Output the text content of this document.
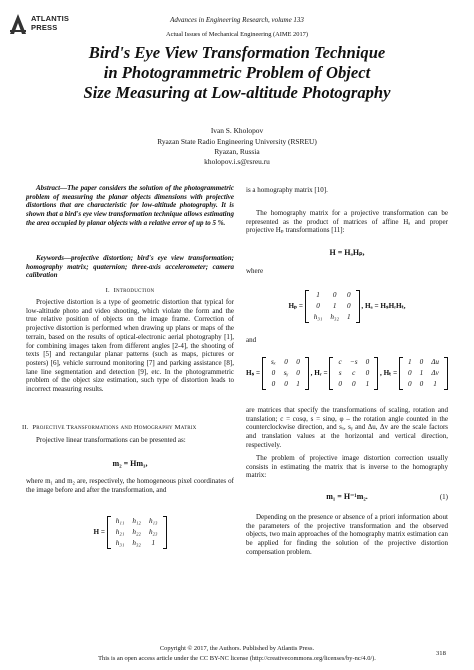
ATLANTIS
PRESS
Advances in Engineering Research, volume 133
Actual Issues of Mechanical Engineering (AIME 2017)
Bird's Eye View Transformation Technique
in Photogrammetric Problem of Object
Size Measuring at Low-altitude Photography
Ivan S. Kholopov
Ryazan State Radio Engineering University (RSREU)
Ryazan, Russia
kholopov.i.s@rsreu.ru

Abstract—The paper considers the solution of the photogrammetric problem of measuring the planar objects dimensions with projective distortions that are characteristic for low-altitude photography. It is shown that a bird's eye view transformation technique allows estimating the area occupied by planar objects with a relative error of up to 5 %.

Keywords—projective distortion; bird's eye view transformation; homography matrix; quaternion; three-axis accelerometer; camera calibration

I. Introduction

Projective distortion is a type of geometric distortion that typical for low-altitude photo and video shooting, which violate the form and the true relative position of objects on the image frame. Correction of projective distortion is performed when drawing up plans or maps of the terrain, based on the results of optical-electronic aerial photography [1], for combining images taken from different angles [2-4], the shooting of texts [5] and rectangular planar patterns (such as maps, pictures or posters) [6], vehicle surround monitoring [7] and parking assistance [8], lane line segmentation and detection [9], etc. In the photogrammetric problem of the object size estimation, such type of distortion leads to incorrect measuring results.

II. Projective Transformations and Homography Matrix

Projective linear transformations can be presented as:

m₂ = Hm₁,

where m₁ and m₂ are, respectively, the homogeneous pixel coordinates of the image before and after the transformation, and

H =
h₁₁	h₁₂	h₁₃
h₂₁	h₂₂	h₂₃
h₃₁	h₃₂	1
is a homography matrix [10].

The homography matrix for a projective transformation can be represented as the product of matrices of affine Hₐ and proper projective Hₚ transformations [11]:

H = HₐHₚ,
where
Hₚ =
1	0	0
0	1	0
h₃₁	h₃₂	1
, Hₐ = HₛHᵣHₜ,
and
Hₛ =
sₓ	0	0
0	sᵧ	0
0	0	1
, Hᵣ =
c	−s	0
s	c	0
0	0	1
, Hₜ =
1	0	Δu
0	1	Δv
0	0	1

are matrices that specify the transformations of scaling, rotation and translation; c = cosφ, s = sinφ, φ – the rotation angle counted in the counterclockwise direction, and sₓ, sᵧ and Δu, Δv are the scale factors and translation values at the horizontal and vertical direction, respectively.

The problem of projective image distortion correction usually consists in estimating the matrix that is inverse to the homography matrix:

m₁ = H⁻¹m₂.	(1)

Depending on the presence or absence of a priori information about the parameters of the projective transformation and the observed objects, two main approaches of the homography matrix estimation can be applied for finding the solution of the projective distortion compensation problem.

Copyright © 2017, the Authors. Published by Atlantis Press.
This is an open access article under the CC BY-NC license (http://creativecommons.org/licenses/by-nc/4.0/).
318
